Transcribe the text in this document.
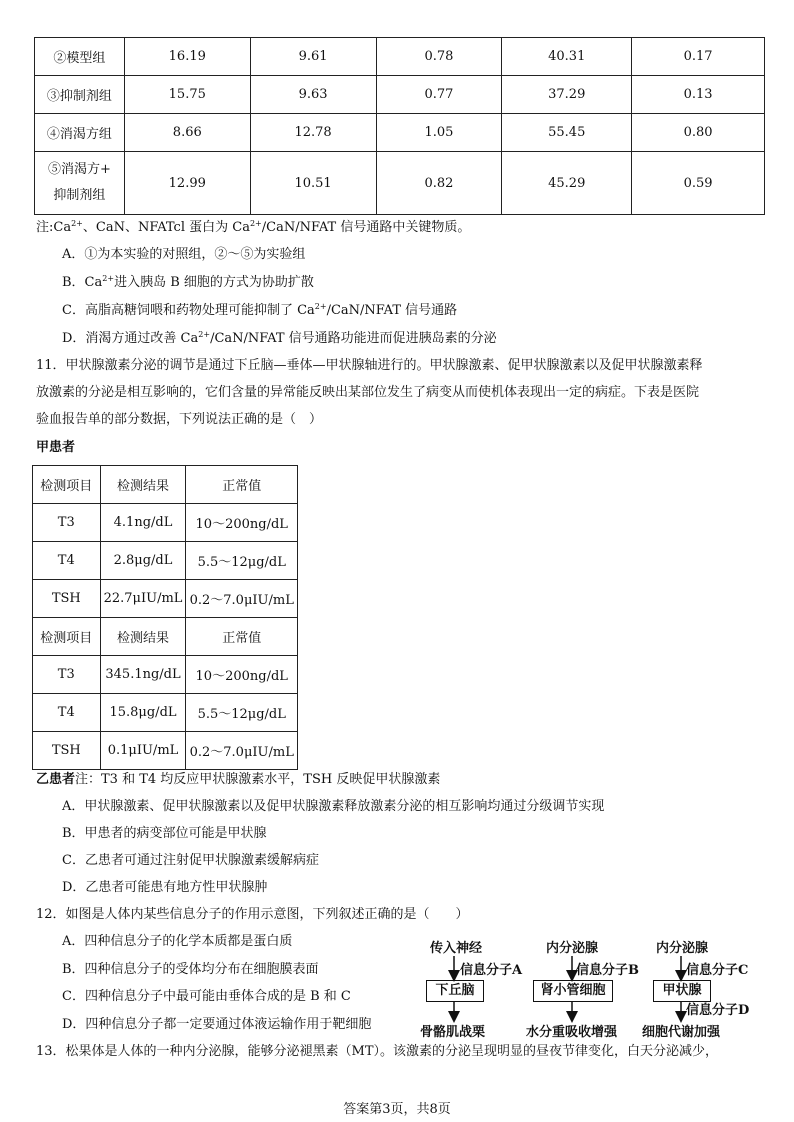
②模型组	16.19	9.61	0.78	40.31	0.17
③抑制剂组	15.75	9.63	0.77	37.29	0.13
④消渴方组	8.66	12.78	1.05	55.45	0.80
⑤消渴方+
抑制剂组	12.99	10.51	0.82	45.29	0.59
注$:Ca^{2+}$、CaN、NFATcl 蛋白为 $Ca^{2+}/CaN$/NFAT 信号通路中关键物质。
A．①为本实验的对照组，②～⑤为实验组
B．$Ca^{2+}$进入胰岛 B 细胞的方式为协助扩散
C．高脂高糖饲喂和药物处理可能抑制了 $Ca^{2+}/CaN$/NFAT 信号通路
D．消渴方通过改善 $Ca^{2+}/CaN$/NFAT 信号通路功能进而促进胰岛素的分泌
11．甲状腺激素分泌的调节是通过下丘脑—垂体—甲状腺轴进行的。甲状腺激素、促甲状腺激素以及促甲状腺激素释
放激素的分泌是相互影响的，它们含量的异常能反映出某部位发生了病变从而使机体表现出一定的病症。下表是医院
验血报告单的部分数据，下列说法正确的是（　）
甲患者
检测项目	检测结果	正常值
T3	4.1ng/dL	10～200ng/dL
T4	2.8μg/dL	5.5～12μg/dL
TSH	22.7μIU/mL	0.2～7.0μIU/mL
检测项目	检测结果	正常值
T3	345.1ng/dL	10～200ng/dL
T4	15.8μg/dL	5.5～12μg/dL
TSH	0.1μIU/mL	0.2～7.0μIU/mL
乙患者注：T3 和 T4 均反应甲状腺激素水平，TSH 反映促甲状腺激素
A．甲状腺激素、促甲状腺激素以及促甲状腺激素释放激素分泌的相互影响均通过分级调节实现
B．甲患者的病变部位可能是甲状腺
C．乙患者可通过注射促甲状腺激素缓解病症
D．乙患者可能患有地方性甲状腺肿
12．如图是人体内某些信息分子的作用示意图，下列叙述正确的是（　　）
A．四种信息分子的化学本质都是蛋白质
B．四种信息分子的受体均分布在细胞膜表面
C．四种信息分子中最可能由垂体合成的是 B 和 C
D．四种信息分子都一定要通过体液运输作用于靶细胞
传入神经
信息分子A
下丘脑
骨骼肌战栗
内分泌腺
信息分子B
肾小管细胞
水分重吸收增强
内分泌腺
信息分子C
甲状腺
信息分子D
细胞代谢加强
13．松果体是人体的一种内分泌腺，能够分泌褪黑素（MT）。该激素的分泌呈现明显的昼夜节律变化，白天分泌减少，
答案第3页，共8页
